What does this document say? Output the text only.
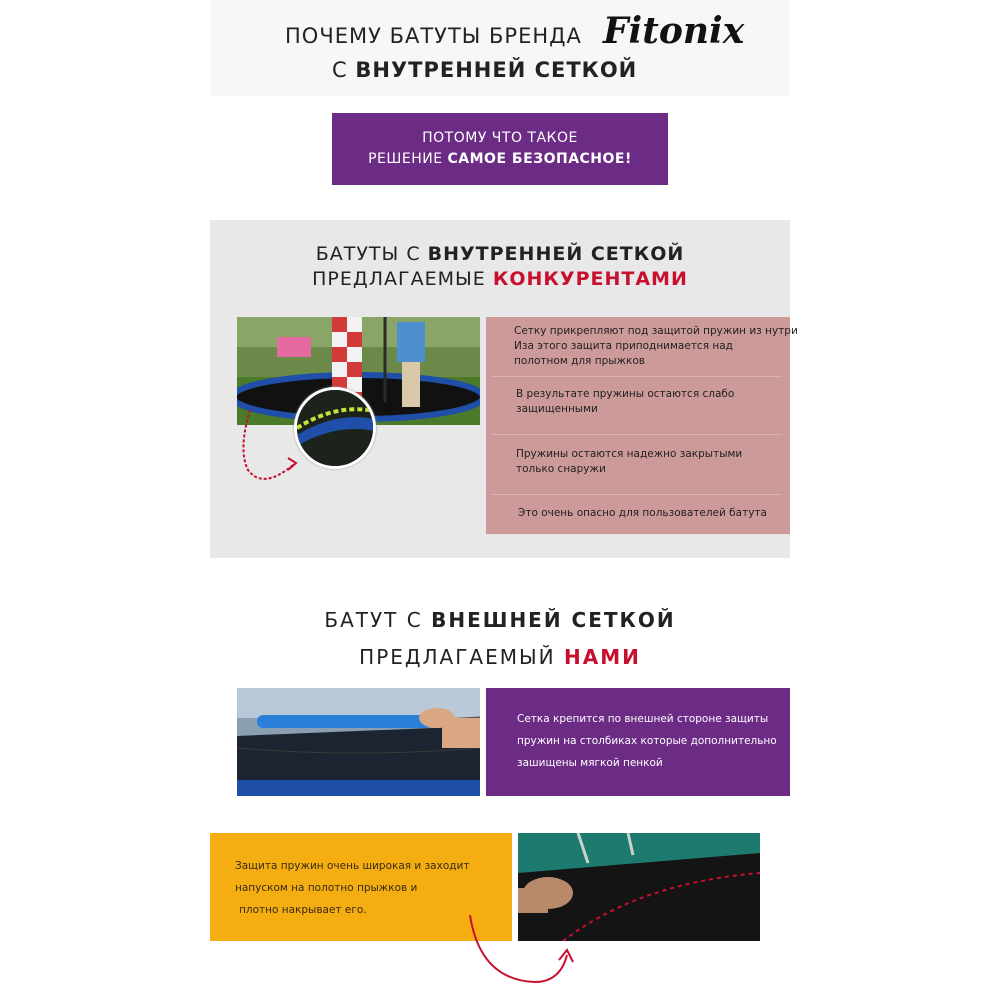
ПОЧЕМУ БАТУТЫ БРЕНДА Fitonix
С ВНУТРЕННЕЙ СЕТКОЙ
ПОТОМУ ЧТО ТАКОЕ
РЕШЕНИЕ САМОЕ БЕЗОПАСНОЕ!
БАТУТЫ С ВНУТРЕННЕЙ СЕТКОЙ
ПРЕДЛАГАЕМЫЕ КОНКУРЕНТАМИ
Сетку прикрепляют под защитой пружин из нутри
Иза этого защита приподнимается над
полотном для прыжков
В результате пружины остаются слабо
защищенными
Пружины остаются надежно закрытыми
только снаружи
Это очень опасно для пользователей батута
БАТУТ С ВНЕШНЕЙ СЕТКОЙ
ПРЕДЛАГАЕМЫЙ НАМИ
Сетка крепится по внешней стороне защиты
пружин на столбиках которые дополнительно
зашищены мягкой пенкой
Защита пружин очень широкая и заходит
напуском на полотно прыжков и
плотно накрывает его.
